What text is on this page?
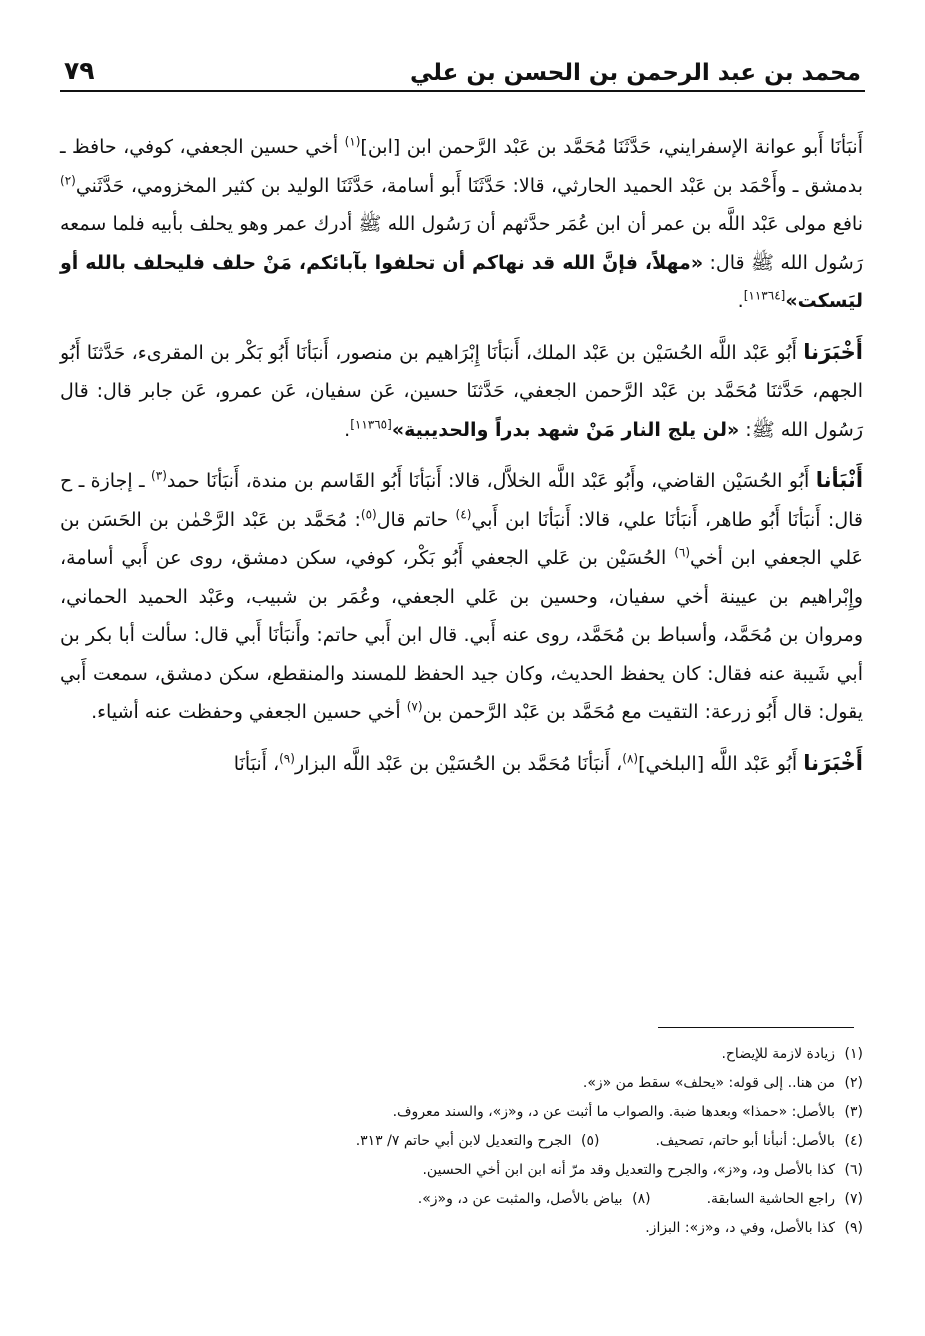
محمد بن عبد الرحمن بن الحسن بن علي
٧٩

أَنبَأنَا أَبو عوانة الإسفرايني، حَدَّثَنَا مُحَمَّد بن عَبْد الرَّحمن ابن [ابن]$^{(١)}$ أخي حسين الجعفي، كوفي، حافظ ـ بدمشق ـ وأَحْمَد بن عَبْد الحميد الحارثي، قالا: حَدَّثَنَا أَبو أسامة، حَدَّثَنَا الوليد بن كثير المخزومي، حَدَّثَني$^{(٢)}$ نافع مولى عَبْد اللَّه بن عمر أن ابن عُمَر حدَّثهم أن رَسُول الله ﷺ أدرك عمر وهو يحلف بأبيه فلما سمعه رَسُول الله ﷺ قال: «مهلاً، فإنَّ الله قد نهاكم أن تحلفوا بآبائكم، مَنْ حلف فليحلف بالله أو ليَسكت»[١١٣٦٤].

أَخْبَرَنا أَبُو عَبْد اللَّه الحُسَيْن بن عَبْد الملك، أَنبَأنَا إِبْرَاهيم بن منصور، أَنبَأنَا أَبُو بَكْر بن المقرىء، حَدَّثنَا أَبُو الجهم، حَدَّثنَا مُحَمَّد بن عَبْد الرَّحمن الجعفي، حَدَّثنَا حسين، عَن سفيان، عَن عمرو، عَن جابر قال: قال رَسُول الله ﷺ: «لن يلج النار مَنْ شهد بدراً والحديبية»[١١٣٦٥].

أَنْبَأنا أَبُو الحُسَيْن القاضي، وأَبُو عَبْد اللَّه الخلاَّل، قالا: أَنبَأنَا أَبُو القَاسم بن مندة، أَنبَأنَا حمد$^{(٣)}$ ـ إجازة ـ ح قال: أَنبَأنَا أَبُو طاهر، أَنبَأنَا علي، قالا: أَنبَأنَا ابن أَبي$^{(٤)}$ حاتم قال$^{(٥)}$: مُحَمَّد بن عَبْد الرَّحْمٰن بن الحَسَن بن عَلي الجعفي ابن أخي$^{(٦)}$ الحُسَيْن بن عَلي الجعفي أَبُو بَكْر، كوفي، سكن دمشق، روى عن أَبي أسامة، وإِبْراهيم بن عيينة أخي سفيان، وحسين بن عَلي الجعفي، وعُمَر بن شبيب، وعَبْد الحميد الحماني، ومروان بن مُحَمَّد، وأسباط بن مُحَمَّد، روى عنه أَبي. قال ابن أَبي حاتم: وأَنبَأنَا أَبي قال: سألت أبا بكر بن أبي شَيبة عنه فقال: كان يحفظ الحديث، وكان جيد الحفظ للمسند والمنقطع، سكن دمشق، سمعت أَبي يقول: قال أَبُو زرعة: التقيت مع مُحَمَّد بن عَبْد الرَّحمن بن$^{(٧)}$ أخي حسين الجعفي وحفظت عنه أشياء.

أَخْبَرَنا أَبُو عَبْد اللَّه [البلخي]$^{(٨)}$، أَنبَأنَا مُحَمَّد بن الحُسَيْن بن عَبْد اللَّه البزار$^{(٩)}$، أَنبَأنَا

(١)زيادة لازمة للإيضاح.
(٢)من هنا.. إلى قوله: «يحلف» سقط من «ز».
(٣)بالأصل: «حمذا» وبعدها ضبة. والصواب ما أثبت عن د، و«ز»، والسند معروف.
(٤)بالأصل: أنبأنا أبو حاتم، تصحيف.(٥)الجرح والتعديل لابن أبي حاتم ٧/ ٣١٣.
(٦)كذا بالأصل ود، و«ز»، والجرح والتعديل وقد مرّ أنه ابن ابن أخي الحسين.
(٧)راجع الحاشية السابقة.(٨)بياض بالأصل، والمثبت عن د، و«ز».
(٩)كذا بالأصل، وفي د، و«ز»: البزاز.
